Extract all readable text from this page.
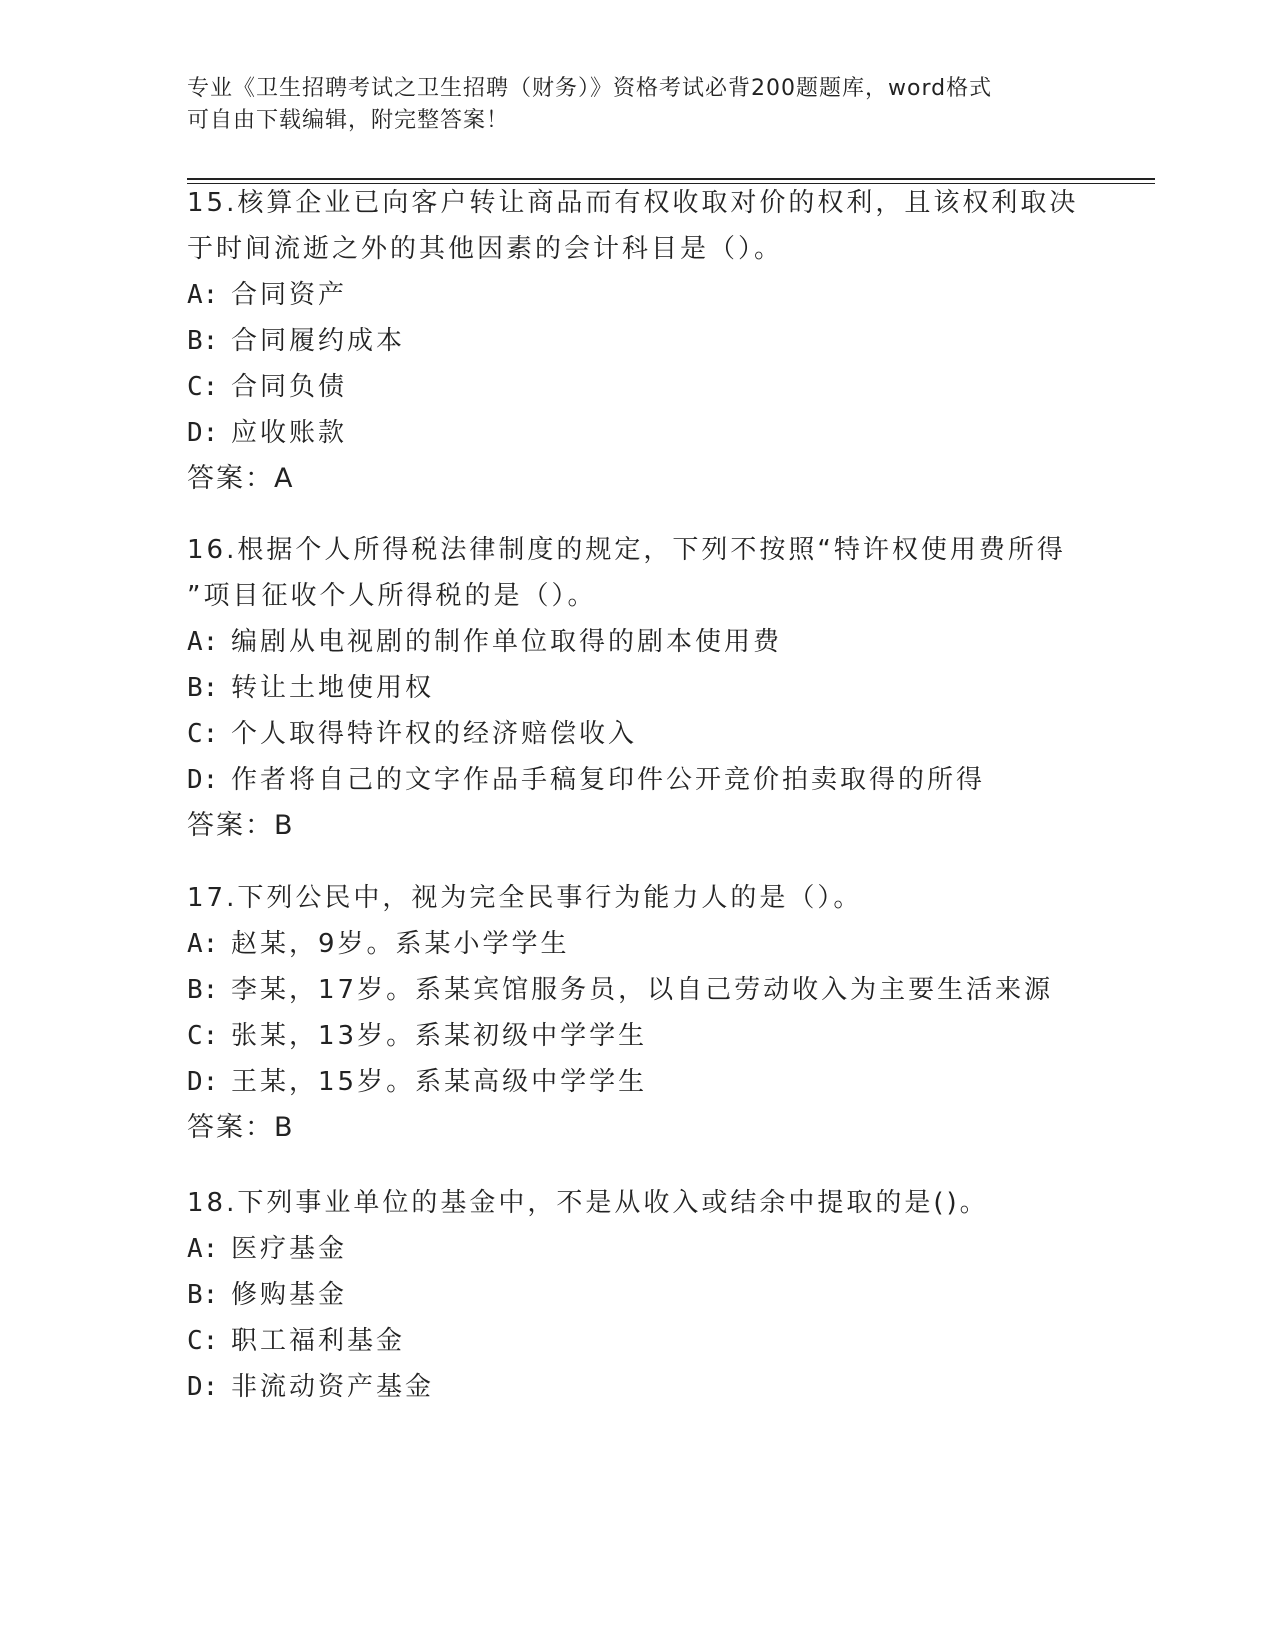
专业《卫生招聘考试之卫生招聘（财务）》资格考试必背200题题库，word格式
可自由下载编辑，附完整答案！
15.核算企业已向客户转让商品而有权收取对价的权利，且该权利取决
于时间流逝之外的其他因素的会计科目是（）。
A: 合同资产
B: 合同履约成本
C: 合同负债
D: 应收账款
答案：A
16.根据个人所得税法律制度的规定，下列不按照“特许权使用费所得
”项目征收个人所得税的是（）。
A: 编剧从电视剧的制作单位取得的剧本使用费
B: 转让土地使用权
C: 个人取得特许权的经济赔偿收入
D: 作者将自己的文字作品手稿复印件公开竞价拍卖取得的所得
答案：B
17.下列公民中，视为完全民事行为能力人的是（）。
A: 赵某，9岁。系某小学学生
B: 李某，17岁。系某宾馆服务员，以自己劳动收入为主要生活来源
C: 张某，13岁。系某初级中学学生
D: 王某，15岁。系某高级中学学生
答案：B
18.下列事业单位的基金中，不是从收入或结余中提取的是()。
A: 医疗基金
B: 修购基金
C: 职工福利基金
D: 非流动资产基金
